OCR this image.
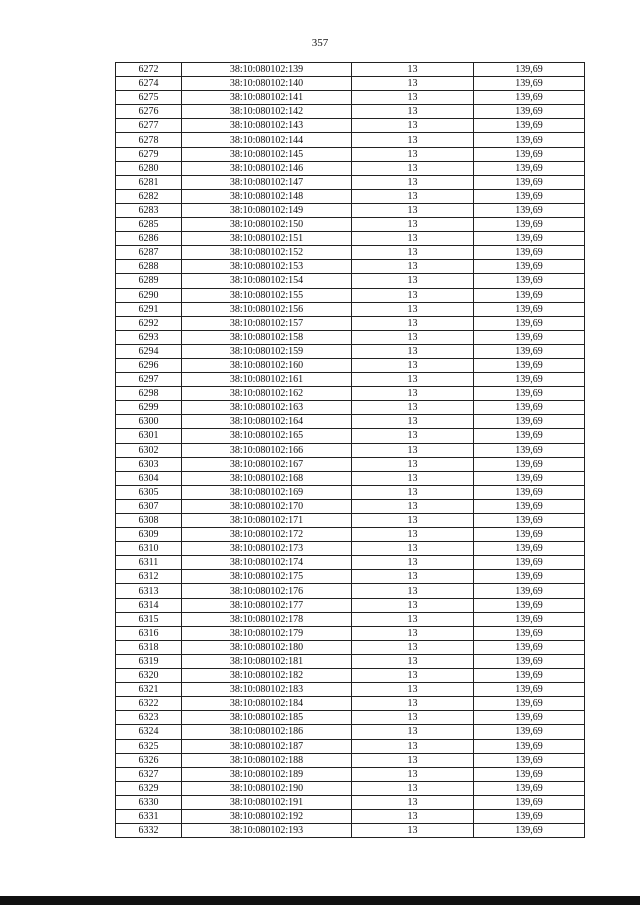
357
6272	38:10:080102:139	13	139,69
6274	38:10:080102:140	13	139,69
6275	38:10:080102:141	13	139,69
6276	38:10:080102:142	13	139,69
6277	38:10:080102:143	13	139,69
6278	38:10:080102:144	13	139,69
6279	38:10:080102:145	13	139,69
6280	38:10:080102:146	13	139,69
6281	38:10:080102:147	13	139,69
6282	38:10:080102:148	13	139,69
6283	38:10:080102:149	13	139,69
6285	38:10:080102:150	13	139,69
6286	38:10:080102:151	13	139,69
6287	38:10:080102:152	13	139,69
6288	38:10:080102:153	13	139,69
6289	38:10:080102:154	13	139,69
6290	38:10:080102:155	13	139,69
6291	38:10:080102:156	13	139,69
6292	38:10:080102:157	13	139,69
6293	38:10:080102:158	13	139,69
6294	38:10:080102:159	13	139,69
6296	38:10:080102:160	13	139,69
6297	38:10:080102:161	13	139,69
6298	38:10:080102:162	13	139,69
6299	38:10:080102:163	13	139,69
6300	38:10:080102:164	13	139,69
6301	38:10:080102:165	13	139,69
6302	38:10:080102:166	13	139,69
6303	38:10:080102:167	13	139,69
6304	38:10:080102:168	13	139,69
6305	38:10:080102:169	13	139,69
6307	38:10:080102:170	13	139,69
6308	38:10:080102:171	13	139,69
6309	38:10:080102:172	13	139,69
6310	38:10:080102:173	13	139,69
6311	38:10:080102:174	13	139,69
6312	38:10:080102:175	13	139,69
6313	38:10:080102:176	13	139,69
6314	38:10:080102:177	13	139,69
6315	38:10:080102:178	13	139,69
6316	38:10:080102:179	13	139,69
6318	38:10:080102:180	13	139,69
6319	38:10:080102:181	13	139,69
6320	38:10:080102:182	13	139,69
6321	38:10:080102:183	13	139,69
6322	38:10:080102:184	13	139,69
6323	38:10:080102:185	13	139,69
6324	38:10:080102:186	13	139,69
6325	38:10:080102:187	13	139,69
6326	38:10:080102:188	13	139,69
6327	38:10:080102:189	13	139,69
6329	38:10:080102:190	13	139,69
6330	38:10:080102:191	13	139,69
6331	38:10:080102:192	13	139,69
6332	38:10:080102:193	13	139,69
